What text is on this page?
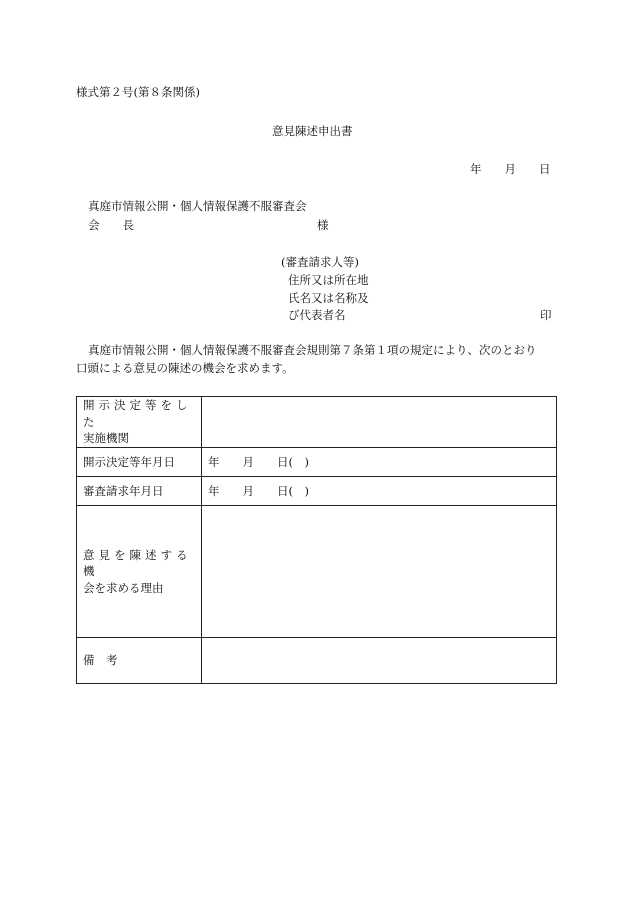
様式第２号(第８条関係)
意見陳述申出書
年　　月　　日
真庭市情報公開・個人情報保護不服審査会
会　　長	様
(審査請求人等)
住所又は所在地
氏名又は名称及
び代表者名	印
真庭市情報公開・個人情報保護不服審査会規則第７条第１項の規定により、次のとおり
口頭による意見の陳述の機会を求めます。
開示決定等をした
実施機関	

開示決定等年月日	年　　月　　日(　)
審査請求年月日	年　　月　　日(　)

意見を陳述する機
会を求める理由	

備　考	
